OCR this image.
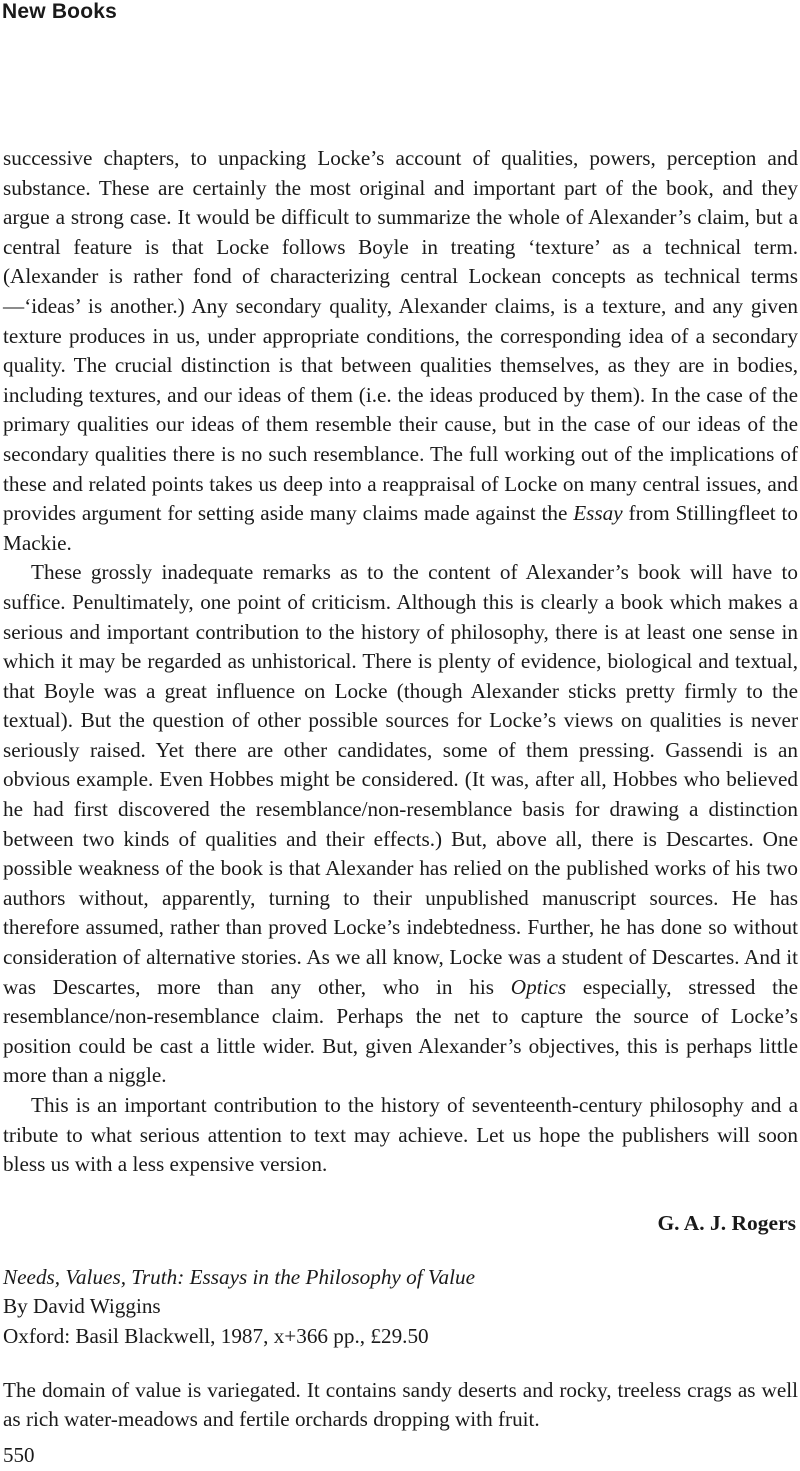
New Books

successive chapters, to unpacking Locke’s account of qualities, powers, perception and substance. These are certainly the most original and important part of the book, and they argue a strong case. It would be difficult to summarize the whole of Alexander’s claim, but a central feature is that Locke follows Boyle in treating ‘texture’ as a technical term. (Alexander is rather fond of characterizing central Lockean concepts as technical terms—‘ideas’ is another.) Any secondary quality, Alexander claims, is a texture, and any given texture produces in us, under appropriate conditions, the corresponding idea of a secondary quality. The crucial distinction is that between qualities themselves, as they are in bodies, including textures, and our ideas of them (i.e. the ideas produced by them). In the case of the primary qualities our ideas of them resemble their cause, but in the case of our ideas of the secondary qualities there is no such resemblance. The full working out of the implications of these and related points takes us deep into a reappraisal of Locke on many central issues, and provides argument for setting aside many claims made against the Essay from Stillingfleet to Mackie.

These grossly inadequate remarks as to the content of Alexander’s book will have to suffice. Penultimately, one point of criticism. Although this is clearly a book which makes a serious and important contribution to the history of philosophy, there is at least one sense in which it may be regarded as unhistorical. There is plenty of evidence, biological and textual, that Boyle was a great influence on Locke (though Alexander sticks pretty firmly to the textual). But the question of other possible sources for Locke’s views on qualities is never seriously raised. Yet there are other candidates, some of them pressing. Gassendi is an obvious example. Even Hobbes might be considered. (It was, after all, Hobbes who believed he had first discovered the resemblance/non-resemblance basis for drawing a distinction between two kinds of qualities and their effects.) But, above all, there is Descartes. One possible weakness of the book is that Alexander has relied on the published works of his two authors without, apparently, turning to their unpublished manuscript sources. He has therefore assumed, rather than proved Locke’s indebtedness. Further, he has done so without consideration of alternative stories. As we all know, Locke was a student of Descartes. And it was Descartes, more than any other, who in his Optics especially, stressed the resemblance/non-resemblance claim. Perhaps the net to capture the source of Locke’s position could be cast a little wider. But, given Alexander’s objectives, this is perhaps little more than a niggle.

This is an important contribution to the history of seventeenth-century philosophy and a tribute to what serious attention to text may achieve. Let us hope the publishers will soon bless us with a less expensive version.

G. A. J. Rogers
Needs, Values, Truth: Essays in the Philosophy of Value
By David Wiggins
Oxford: Basil Blackwell, 1987, x+366 pp., £29.50

The domain of value is variegated. It contains sandy deserts and rocky, treeless crags as well as rich water-meadows and fertile orchards dropping with fruit.

550
